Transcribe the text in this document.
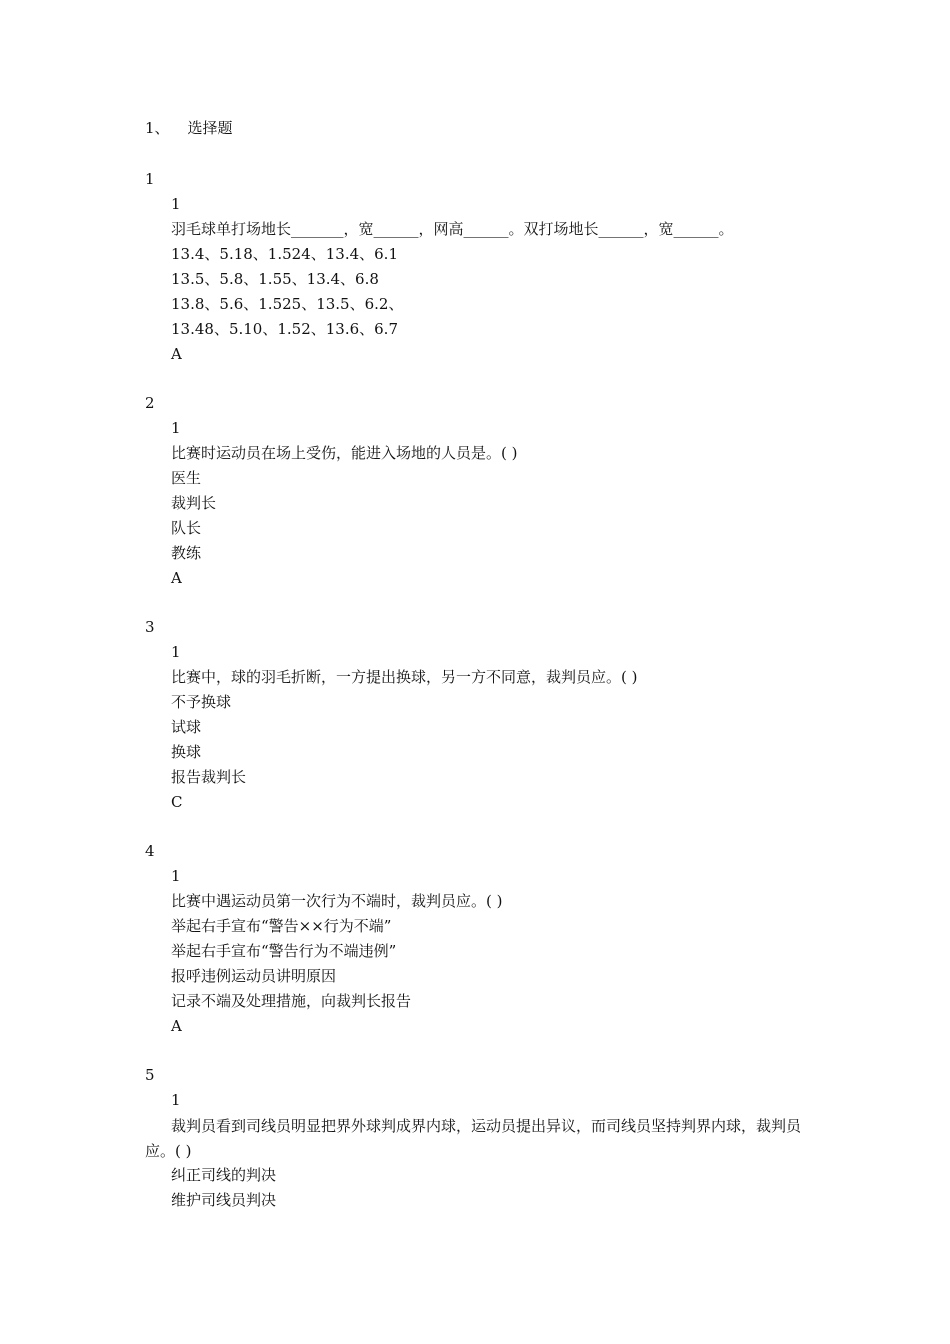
1、 选择题
1
1
羽毛球单打场地长_______，宽______，网高______。双打场地长______，宽______。
13.4、5.18、1.524、13.4、6.1
13.5、5.8、1.55、13.4、6.8
13.8、5.6、1.525、13.5、6.2、
13.48、5.10、1.52、13.6、6.7
A
2
1
比赛时运动员在场上受伤，能进入场地的人员是。( )
医生
裁判长
队长
教练
A
3
1
比赛中，球的羽毛折断，一方提出换球，另一方不同意，裁判员应。( )
不予换球
试球
换球
报告裁判长
C
4
1
比赛中遇运动员第一次行为不端时，裁判员应。( )
举起右手宣布“警告××行为不端”
举起右手宣布“警告行为不端违例”
报呼违例运动员讲明原因
记录不端及处理措施，向裁判长报告
A
5
1
裁判员看到司线员明显把界外球判成界内球，运动员提出异议，而司线员坚持判界内球，裁判员应。( )
纠正司线的判决
维护司线员判决
